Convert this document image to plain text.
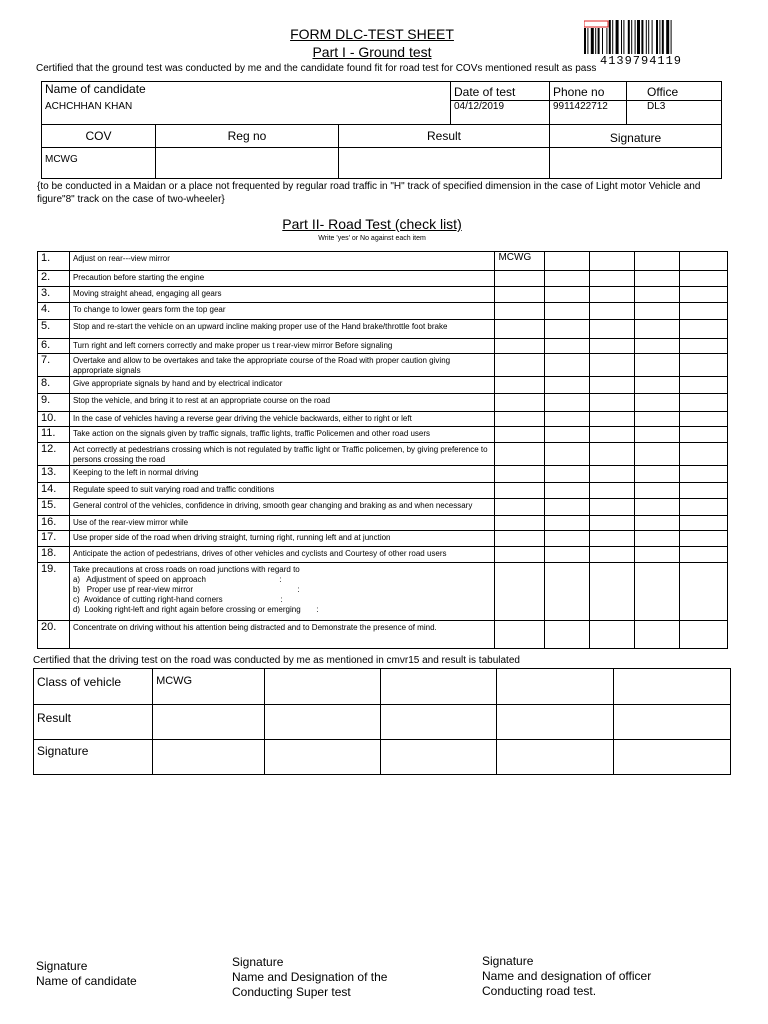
FORM DLC-TEST SHEET
Part I - Ground test
Certified that the ground test was conducted by me and the candidate found fit for road test for COVs mentioned result as pass
4139794119
Name of candidate			Date of test	Phone no	Office
ACHCHHAN KHAN			04/12/2019	9911422712	DL3
COV	Reg no	Result		Signature	
MCWG					
{to be conducted in a Maidan or a place not frequented by regular road traffic in "H" track of specified dimension in the case of Light motor Vehicle and figure"8" track on the case of two-wheeler}
Part II- Road Test (check list)
Write 'yes' or No against each item
1.	Adjust on rear---view mirror	MCWG				
2.	Precaution before starting the engine					

3.	Moving straight ahead, engaging all gears					

4.	To change to lower gears form the top gear					

5.	Stop and re-start the vehicle on an upward incline making proper use of the Hand brake/throttle foot brake					

6.	Turn right and left corners correctly and make proper us t rear-view mirror Before signaling					

7.	Overtake and allow to be overtakes and take the appropriate course of the Road with proper caution giving appropriate signals					

8.	Give appropriate signals by hand and by electrical indicator					

9.	Stop the vehicle, and bring it to rest at an appropriate course on the road					

10.	In the case of vehicles having a reverse gear driving the vehicle backwards, either to right or left					

11.	Take action on the signals given by traffic signals, traffic lights, traffic Policemen and other road users					

12.	Act correctly at pedestrians crossing which is not regulated by traffic light or Traffic policemen, by giving preference to persons crossing the road					

13.	Keeping to the left in normal driving					

14.	Regulate speed to suit varying road and traffic conditions					

15.	General control of the vehicles, confidence in driving, smooth gear changing and braking as and when necessary					

16.	Use of the rear-view mirror while					

17.	Use proper side of the road when driving straight, turning right, running left and at junction					

18.	Anticipate the action of pedestrians, drives of other vehicles and cyclists and Courtesy of other road users					

19.	Take precautions at cross roads on road junctions with regard to
a)   Adjustment of speed on approach                                 :
b)   Proper use pf rear-view mirror                                               :
c)  Avoidance of cutting right-hand corners                          :
d)  Looking right-left and right again before crossing or emerging       :					

20.	Concentrate on driving without his attention being distracted and to Demonstrate the presence of mind.					

Certified that the driving test on the road was conducted by me as mentioned in cmvr15 and result is tabulated
Class of vehicle	MCWG				
Result					
Signature					
Signature
Name of candidate
Signature
Name and Designation of the
Conducting Super test
Signature
Name and designation of officer
Conducting road test.
